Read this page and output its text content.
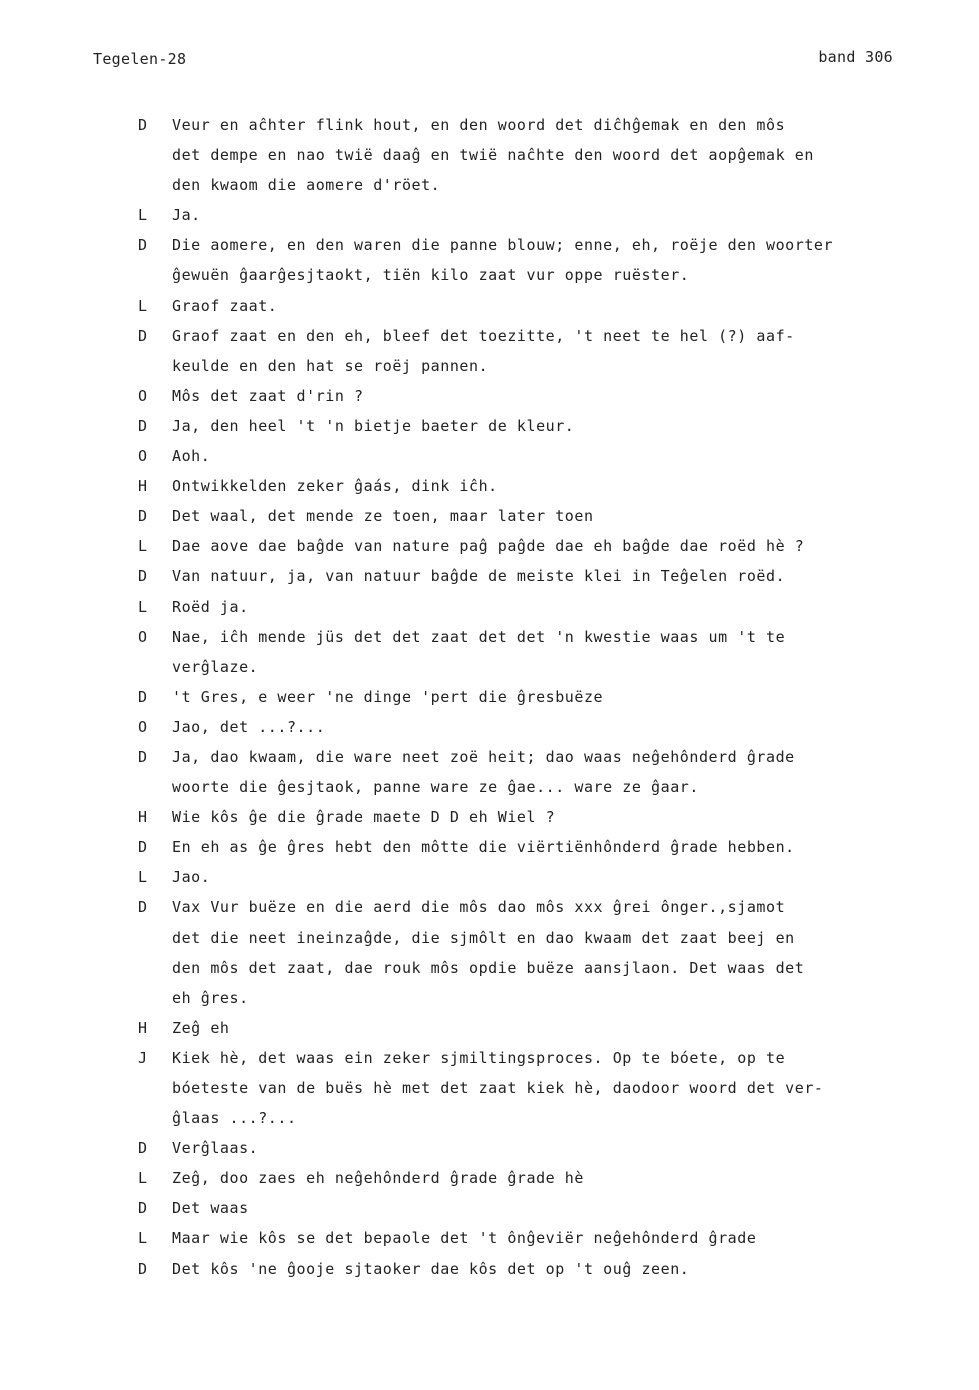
Tegelen-28	band 306
D	Veur en aĉhter flink hout, en den woord det diĉhĝemak en den môs
det dempe en nao twië daaĝ en twië naĉhte den woord det aopĝemak en
den kwaom die aomere d'röet.
L	Ja.
D	Die aomere, en den waren die panne blouw; enne, eh, roëje den woorter
ĝewuën ĝaarĝesjtaokt, tiën kilo zaat vur oppe ruëster.
L	Graof zaat.
D	Graof zaat en den eh, bleef det toezitte, 't neet te hel (?) aaf-
keulde en den hat se roëj pannen.
O	Môs det zaat d'rin ?
D	Ja, den heel 't 'n bietje baeter de kleur.
O	Aoh.
H	Ontwikkelden zeker ĝaás, dink iĉh.
D	Det waal, det mende ze toen, maar later toen
L	Dae aove dae baĝde van nature paĝ paĝde dae eh baĝde dae roëd hè ?
D	Van natuur, ja, van natuur baĝde de meiste klei in Teĝelen roëd.
L	Roëd ja.
O	Nae, iĉh mende jüs det det zaat det det 'n kwestie waas um 't te
verĝlaze.
D	't Gres, e weer 'ne dinge 'pert die ĝresbuëze
O	Jao, det ...?...
D	Ja, dao kwaam, die ware neet zoë heit; dao waas neĝehônderd ĝrade
woorte die ĝesjtaok, panne ware ze ĝae... ware ze ĝaar.
H	Wie kôs ĝe die ĝrade maete D D eh Wiel ?
D	En eh as ĝe ĝres hebt den môtte die viërtiënhônderd ĝrade hebben.
L	Jao.
D	Vax Vur buëze en die aerd die môs dao môs xxx ĝrei ônger.,sjamot
det die neet ineinzaĝde, die sjmôlt en dao kwaam det zaat beej en
den môs det zaat, dae rouk môs opdie buëze aansjlaon. Det waas det
eh ĝres.
H	Zeĝ eh
J	Kiek hè, det waas ein zeker sjmiltingsproces. Op te bóete, op te
bóeteste van de buës hè met det zaat kiek hè, daodoor woord det ver-
ĝlaas ...?...
D	Verĝlaas.
L	Zeĝ, doo zaes eh neĝehônderd ĝrade ĝrade hè
D	Det waas
L	Maar wie kôs se det bepaole det 't ônĝeviër neĝehônderd ĝrade
D	Det kôs 'ne ĝooje sjtaoker dae kôs det op 't ouĝ zeen.
